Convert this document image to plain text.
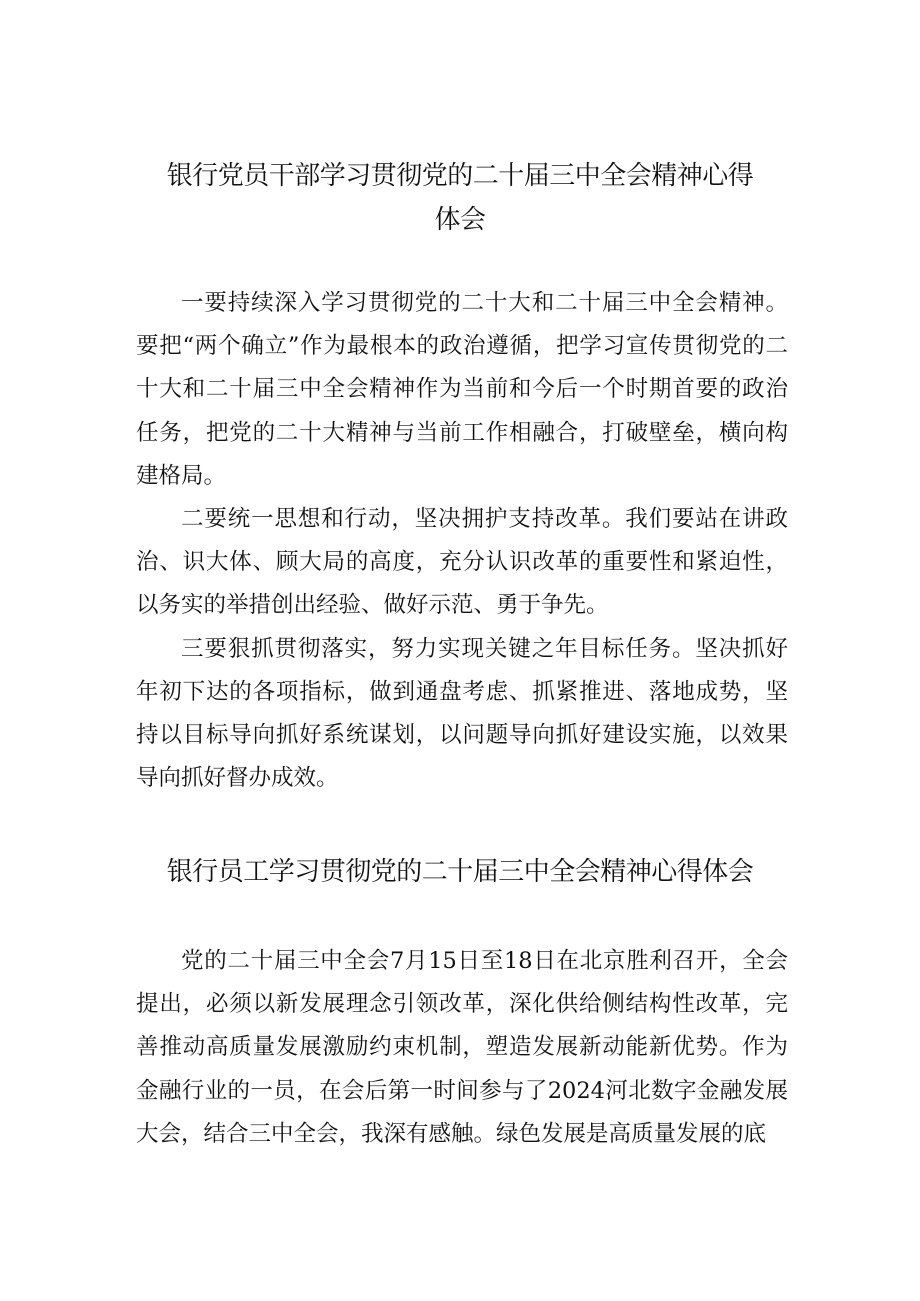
银行党员干部学习贯彻党的二十届三中全会精神心得
体会

一要持续深入学习贯彻党的二十大和二十届三中全会精神。要把“两个确立”作为最根本的政治遵循，把学习宣传贯彻党的二十大和二十届三中全会精神作为当前和今后一个时期首要的政治任务，把党的二十大精神与当前工作相融合，打破壁垒，横向构建格局。

二要统一思想和行动，坚决拥护支持改革。我们要站在讲政治、识大体、顾大局的高度，充分认识改革的重要性和紧迫性，以务实的举措创出经验、做好示范、勇于争先。

三要狠抓贯彻落实，努力实现关键之年目标任务。坚决抓好年初下达的各项指标，做到通盘考虑、抓紧推进、落地成势，坚持以目标导向抓好系统谋划，以问题导向抓好建设实施，以效果导向抓好督办成效。

银行员工学习贯彻党的二十届三中全会精神心得体会

党的二十届三中全会7月15日至18日在北京胜利召开，全会提出，必须以新发展理念引领改革，深化供给侧结构性改革，完善推动高质量发展激励约束机制，塑造发展新动能新优势。作为金融行业的一员，在会后第一时间参与了2024河北数字金融发展大会，结合三中全会，我深有感触。绿色发展是高质量发展的底
